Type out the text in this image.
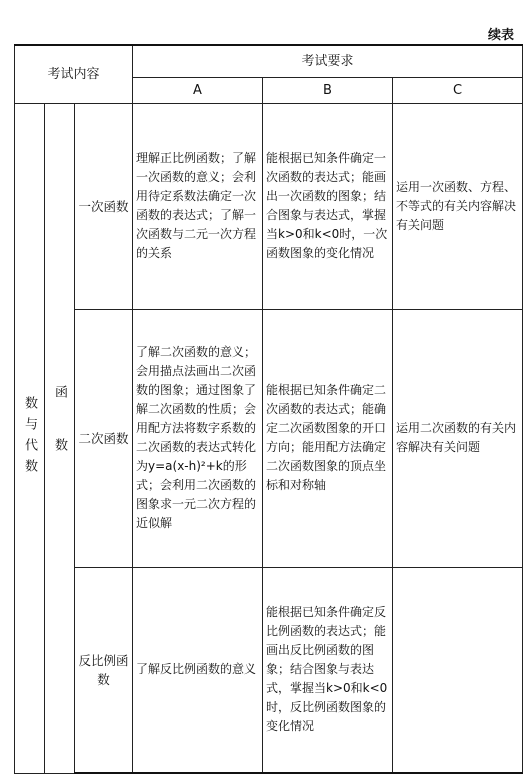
续表
考试内容			考试要求		
			A	B	C

数与代数	函数	一次函数	理解正比例函数；了解一次函数的意义；会利用待定系数法确定一次函数的表达式；了解一次函数与二元一次方程的关系	能根据已知条件确定一次函数的表达式；能画出一次函数的图象；结合图象与表达式，掌握当k>0和k<0时，一次函数图象的变化情况	运用一次函数、方程、不等式的有关内容解决有关问题
		二次函数	了解二次函数的意义；会用描点法画出二次函数的图象；通过图象了解二次函数的性质；会用配方法将数字系数的二次函数的表达式转化为y=a(x-h)²+k的形式；会利用二次函数的图象求一元二次方程的近似解	能根据已知条件确定二次函数的表达式；能确定二次函数图象的开口方向；能用配方法确定二次函数图象的顶点坐标和对称轴	运用二次函数的有关内容解决有关问题
		反比例函数	了解反比例函数的意义	能根据已知条件确定反比例函数的表达式；能画出反比例函数的图象；结合图象与表达式，掌握当k>0和k<0时，反比例函数图象的变化情况	
